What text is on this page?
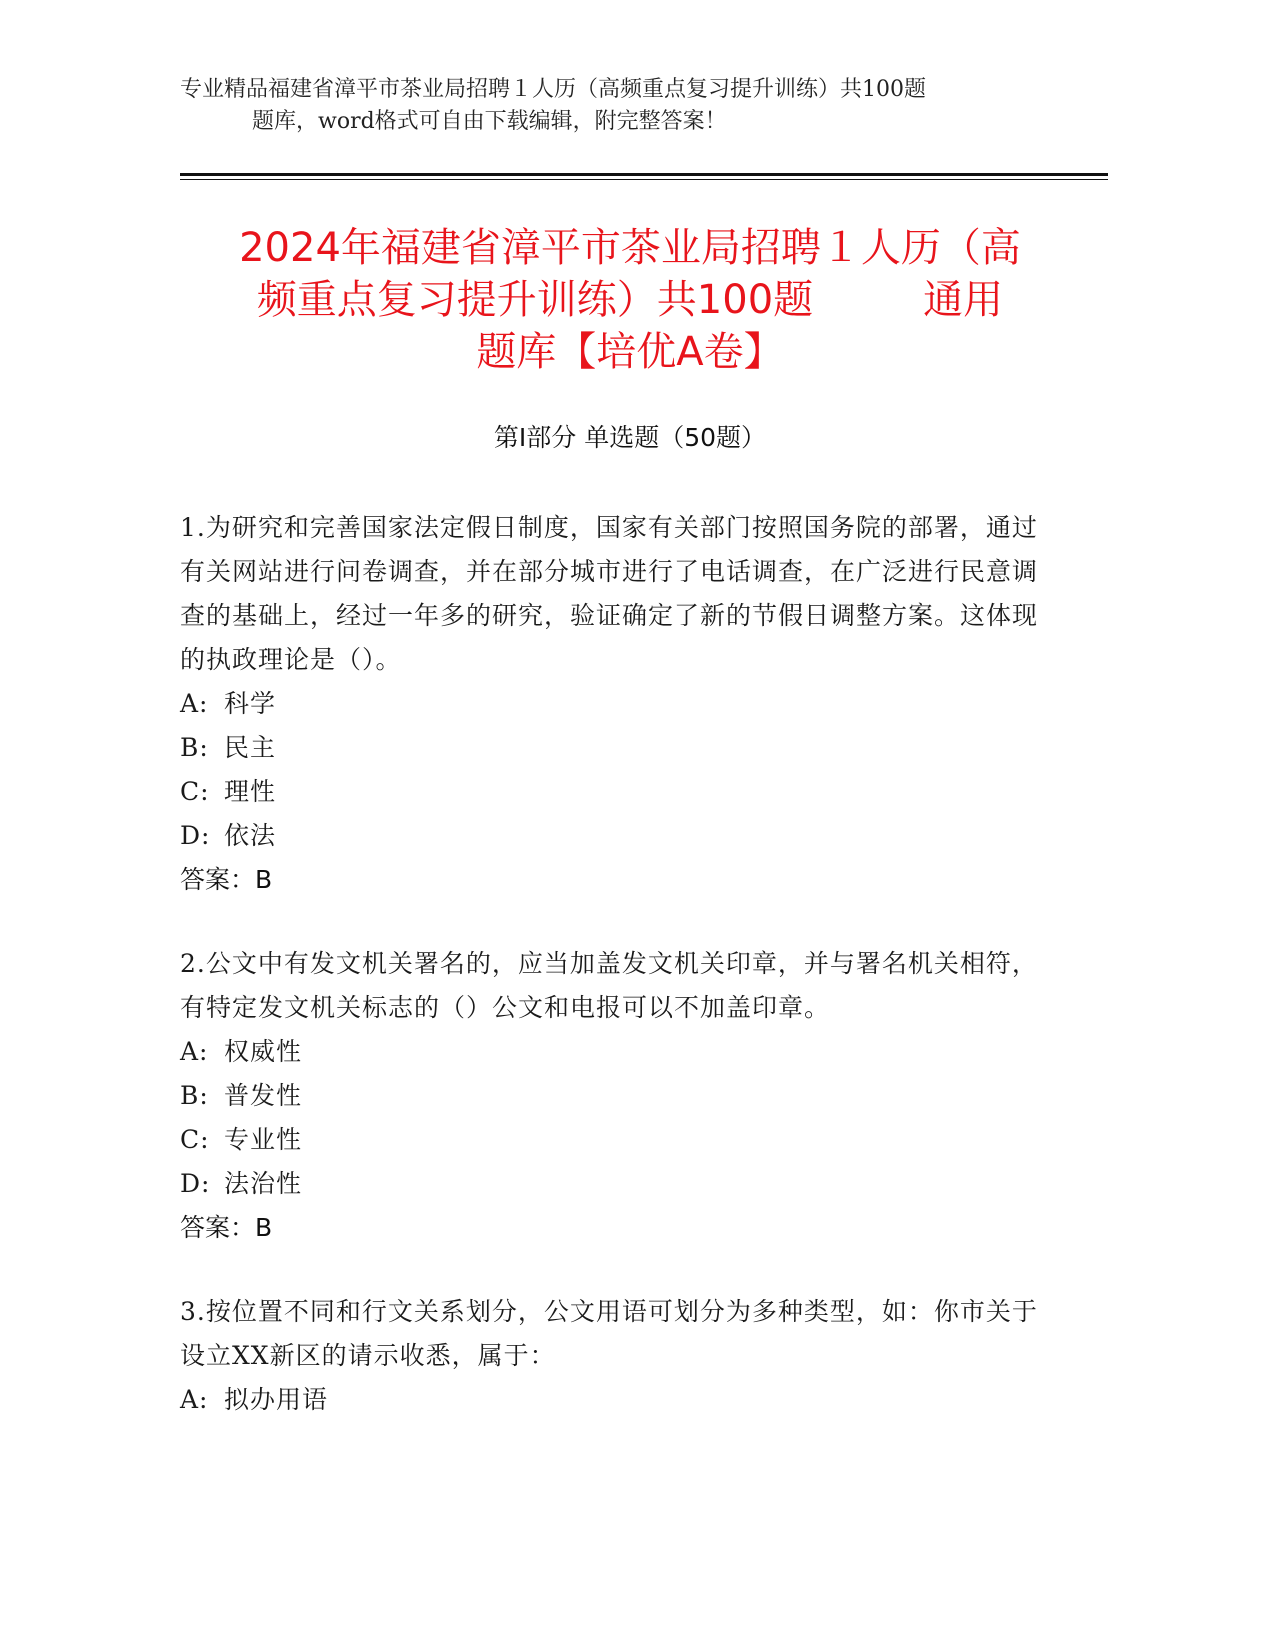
专业精品福建省漳平市茶业局招聘１人历（高频重点复习提升训练）共100题
题库，word格式可自由下载编辑，附完整答案！
2024年福建省漳平市茶业局招聘１人历（高
频重点复习提升训练）共100题	通用
题库【培优A卷】
第Ⅰ部分 单选题（50题）
1.为研究和完善国家法定假日制度，国家有关部门按照国务院的部署，通过有关网站进行问卷调查，并在部分城市进行了电话调查，在广泛进行民意调查的基础上，经过一年多的研究，验证确定了新的节假日调整方案。这体现的执政理论是（）。
A: 科学
B: 民主
C: 理性
D: 依法
答案：B
2.公文中有发文机关署名的，应当加盖发文机关印章，并与署名机关相符，有特定发文机关标志的（）公文和电报可以不加盖印章。
A: 权威性
B: 普发性
C: 专业性
D: 法治性
答案：B
3.按位置不同和行文关系划分，公文用语可划分为多种类型，如：你市关于设立XX新区的请示收悉，属于：
A: 拟办用语
